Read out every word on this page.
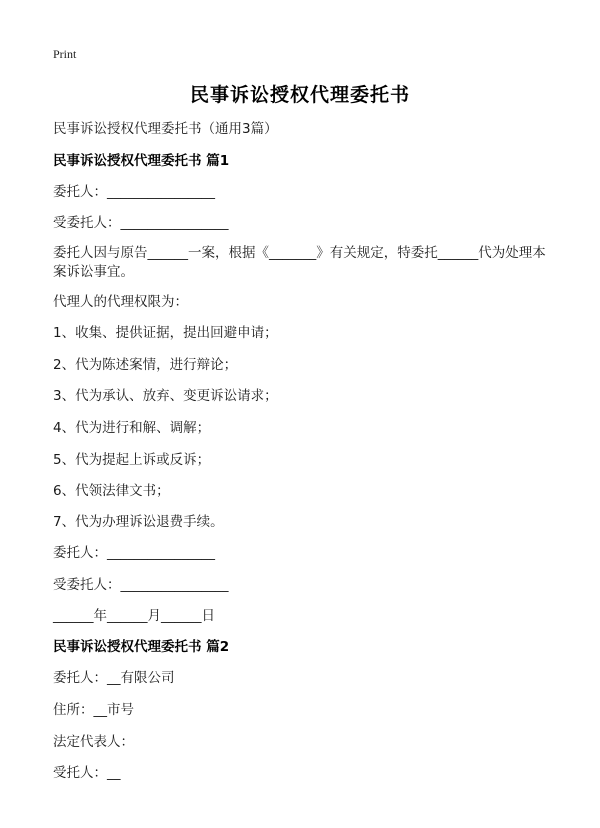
Print
民事诉讼授权代理委托书
民事诉讼授权代理委托书（通用3篇）
民事诉讼授权代理委托书 篇1
委托人：________________
受委托人：________________
委托人因与原告______一案，根据《_______》有关规定，特委托______代为处理本案诉讼事宜。
代理人的代理权限为：
1、收集、提供证据，提出回避申请；
2、代为陈述案情，进行辩论；
3、代为承认、放弃、变更诉讼请求；
4、代为进行和解、调解；
5、代为提起上诉或反诉；
6、代领法律文书；
7、代为办理诉讼退费手续。
委托人：________________
受委托人：________________
______年______月______日
民事诉讼授权代理委托书 篇2
委托人：__有限公司
住所：__市号
法定代表人：
受托人：__
